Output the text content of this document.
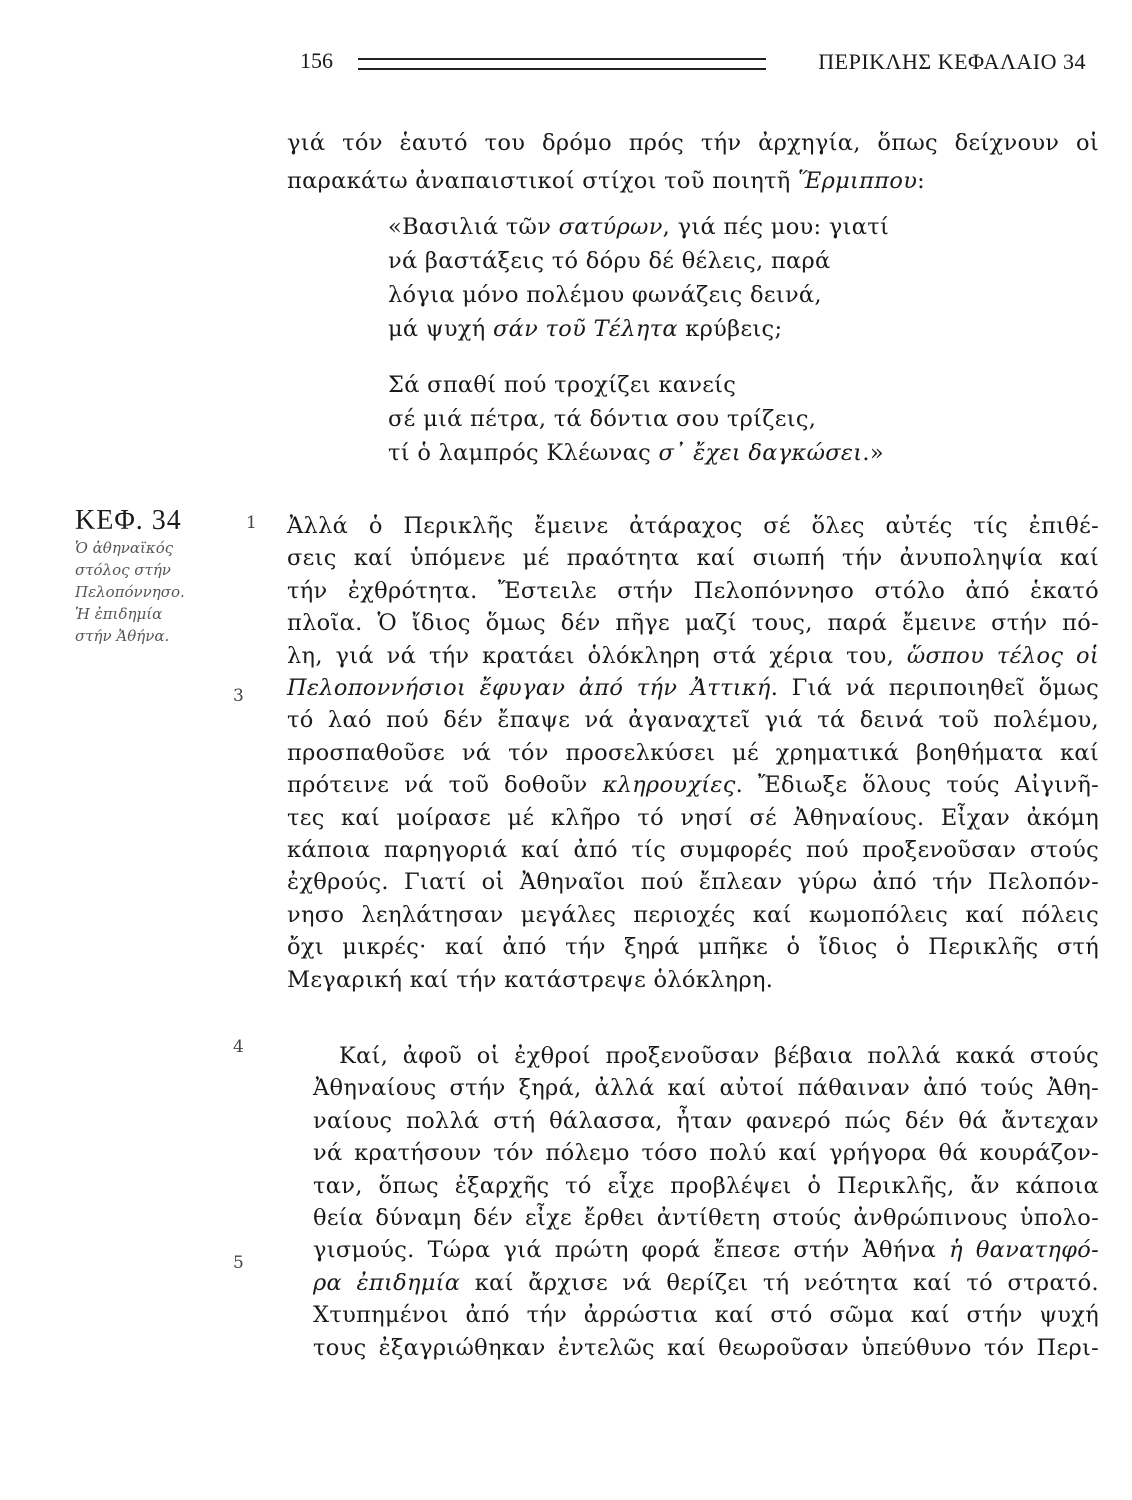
156	ΠΕΡΙΚΛΗΣ ΚΕΦΑΛΑΙΟ 34
γιά τόν ἑαυτό του δρόμο πρός τήν ἀρχηγία, ὅπως δείχνουν οἱ
παρακάτω ἀναπαιστικοί στίχοι τοῦ ποιητῆ Ἕρμιππου:
«Βασιλιά τῶν σατύρων, γιά πές μου: γιατί
νά βαστάξεις τό δόρυ δέ θέλεις, παρά
λόγια μόνο πολέμου φωνάζεις δεινά,
μά ψυχή σάν τοῦ Τέλητα κρύβεις;
Σά σπαθί πού τροχίζει κανείς
σέ μιά πέτρα, τά δόντια σου τρίζεις,
τί ὁ λαμπρός Κλέωνας σ᾽ ἔχει δαγκώσει.»
ΚΕΦ. 34
Ὁ ἀθηναϊκός
στόλος στήν
Πελοπόννησο.
Ἡ ἐπιδημία
στήν Ἀθήνα.
1
3
4
5
Ἀλλά ὁ Περικλῆς ἔμεινε ἀτάραχος σέ ὅλες αὐτές τίς ἐπιθέ-
σεις καί ὑπόμενε μέ πραότητα καί σιωπή τήν ἀνυποληψία καί
τήν ἐχθρότητα. Ἔστειλε στήν Πελοπόννησο στόλο ἀπό ἑκατό
πλοῖα. Ὁ ἴδιος ὅμως δέν πῆγε μαζί τους, παρά ἔμεινε στήν πό-
λη, γιά νά τήν κρατάει ὁλόκληρη στά χέρια του, ὥσπου τέλος οἱ
Πελοποννήσιοι ἔφυγαν ἀπό τήν Ἀττική. Γιά νά περιποιηθεῖ ὅμως
τό λαό πού δέν ἔπαψε νά ἀγαναχτεῖ γιά τά δεινά τοῦ πολέμου,
προσπαθοῦσε νά τόν προσελκύσει μέ χρηματικά βοηθήματα καί
πρότεινε νά τοῦ δοθοῦν κληρουχίες. Ἔδιωξε ὅλους τούς Αἰγινῆ-
τες καί μοίρασε μέ κλῆρο τό νησί σέ Ἀθηναίους. Εἶχαν ἀκόμη
κάποια παρηγοριά καί ἀπό τίς συμφορές πού προξενοῦσαν στούς
ἐχθρούς. Γιατί οἱ Ἀθηναῖοι πού ἔπλεαν γύρω ἀπό τήν Πελοπόν-
νησο λεηλάτησαν μεγάλες περιοχές καί κωμοπόλεις καί πόλεις
ὄχι μικρές· καί ἀπό τήν ξηρά μπῆκε ὁ ἴδιος ὁ Περικλῆς στή
Μεγαρική καί τήν κατάστρεψε ὁλόκληρη.
Καί, ἀφοῦ οἱ ἐχθροί προξενοῦσαν βέβαια πολλά κακά στούς
Ἀθηναίους στήν ξηρά, ἀλλά καί αὐτοί πάθαιναν ἀπό τούς Ἀθη-
ναίους πολλά στή θάλασσα, ἦταν φανερό πώς δέν θά ἄντεχαν
νά κρατήσουν τόν πόλεμο τόσο πολύ καί γρήγορα θά κουράζον-
ταν, ὅπως ἐξαρχῆς τό εἶχε προβλέψει ὁ Περικλῆς, ἄν κάποια
θεία δύναμη δέν εἶχε ἔρθει ἀντίθετη στούς ἀνθρώπινους ὑπολο-
γισμούς. Τώρα γιά πρώτη φορά ἔπεσε στήν Ἀθήνα ἡ θανατηφό-
ρα ἐπιδημία καί ἄρχισε νά θερίζει τή νεότητα καί τό στρατό.
Χτυπημένοι ἀπό τήν ἀρρώστια καί στό σῶμα καί στήν ψυχή
τους ἐξαγριώθηκαν ἐντελῶς καί θεωροῦσαν ὑπεύθυνο τόν Περι-
